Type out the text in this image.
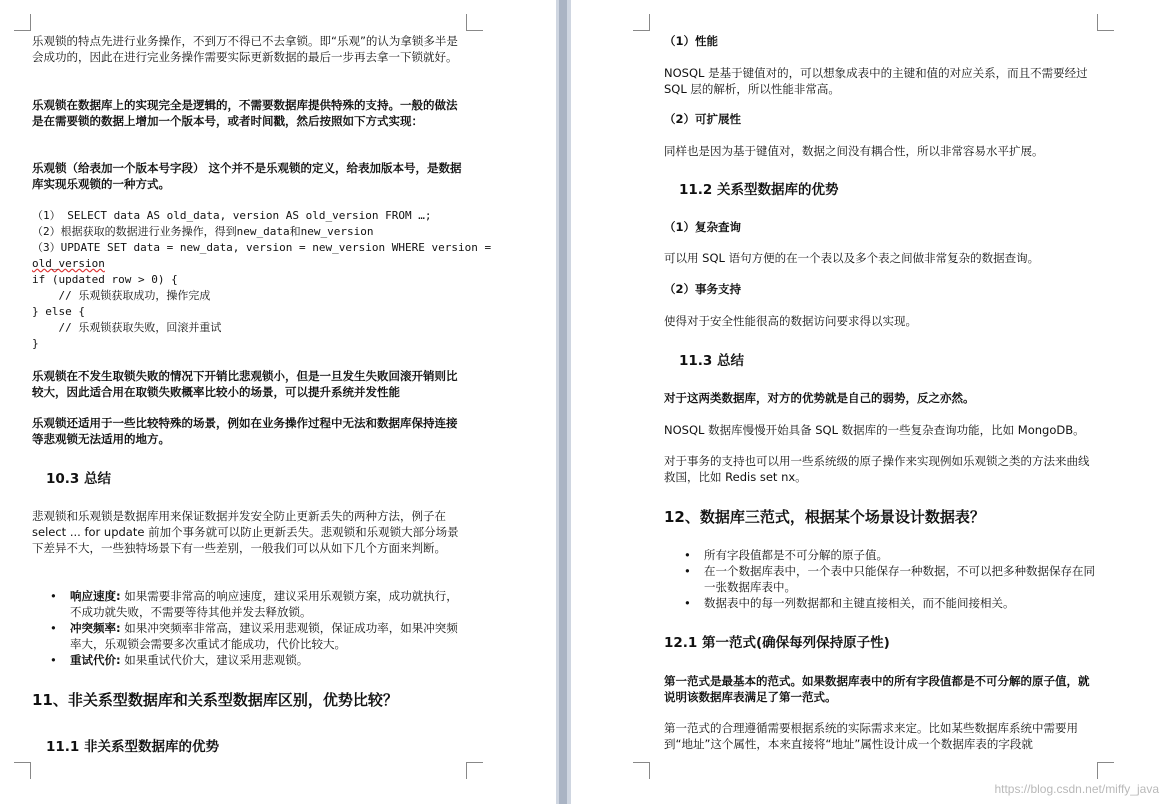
乐观锁的特点先进行业务操作，不到万不得已不去拿锁。即“乐观”的认为拿锁多半是会成功的，因此在进行完业务操作需要实际更新数据的最后一步再去拿一下锁就好。

乐观锁在数据库上的实现完全是逻辑的，不需要数据库提供特殊的支持。一般的做法是在需要锁的数据上增加一个版本号，或者时间戳，然后按照如下方式实现：

乐观锁（给表加一个版本号字段） 这个并不是乐观锁的定义，给表加版本号，是数据库实现乐观锁的一种方式。

（1） SELECT data AS old_data, version AS old_version FROM …;

（2）根据获取的数据进行业务操作，得到new_data和new_version

（3）UPDATE SET data = new_data, version = new_version WHERE version =

old_version

if (updated row > 0) {

// 乐观锁获取成功，操作完成

} else {

// 乐观锁获取失败，回滚并重试

}

乐观锁在不发生取锁失败的情况下开销比悲观锁小，但是一旦发生失败回滚开销则比较大，因此适合用在取锁失败概率比较小的场景，可以提升系统并发性能

乐观锁还适用于一些比较特殊的场景，例如在业务操作过程中无法和数据库保持连接等悲观锁无法适用的地方。

10.3 总结

悲观锁和乐观锁是数据库用来保证数据并发安全防止更新丢失的两种方法，例子在 select ... for update 前加个事务就可以防止更新丢失。悲观锁和乐观锁大部分场景下差异不大，一些独特场景下有一些差别，一般我们可以从如下几个方面来判断。

• 响应速度: 如果需要非常高的响应速度，建议采用乐观锁方案，成功就执行，不成功就失败，不需要等待其他并发去释放锁。
• 冲突频率: 如果冲突频率非常高，建议采用悲观锁，保证成功率，如果冲突频率大，乐观锁会需要多次重试才能成功，代价比较大。
• 重试代价: 如果重试代价大，建议采用悲观锁。

11、非关系型数据库和关系型数据库区别，优势比较？

11.1 非关系型数据库的优势

（1）性能

NOSQL 是基于键值对的，可以想象成表中的主键和值的对应关系，而且不需要经过 SQL 层的解析，所以性能非常高。

（2）可扩展性

同样也是因为基于键值对，数据之间没有耦合性，所以非常容易水平扩展。

11.2 关系型数据库的优势

（1）复杂查询

可以用 SQL 语句方便的在一个表以及多个表之间做非常复杂的数据查询。

（2）事务支持

使得对于安全性能很高的数据访问要求得以实现。

11.3 总结

对于这两类数据库，对方的优势就是自己的弱势，反之亦然。

NOSQL 数据库慢慢开始具备 SQL 数据库的一些复杂查询功能，比如 MongoDB。

对于事务的支持也可以用一些系统级的原子操作来实现例如乐观锁之类的方法来曲线救国，比如 Redis set nx。

12、数据库三范式，根据某个场景设计数据表？

• 所有字段值都是不可分解的原子值。
• 在一个数据库表中，一个表中只能保存一种数据，不可以把多种数据保存在同一张数据库表中。
• 数据表中的每一列数据都和主键直接相关，而不能间接相关。

12.1 第一范式(确保每列保持原子性)

第一范式是最基本的范式。如果数据库表中的所有字段值都是不可分解的原子值，就说明该数据库表满足了第一范式。

第一范式的合理遵循需要根据系统的实际需求来定。比如某些数据库系统中需要用到“地址”这个属性，本来直接将“地址”属性设计成一个数据库表的字段就

https://blog.csdn.net/miffy_java
